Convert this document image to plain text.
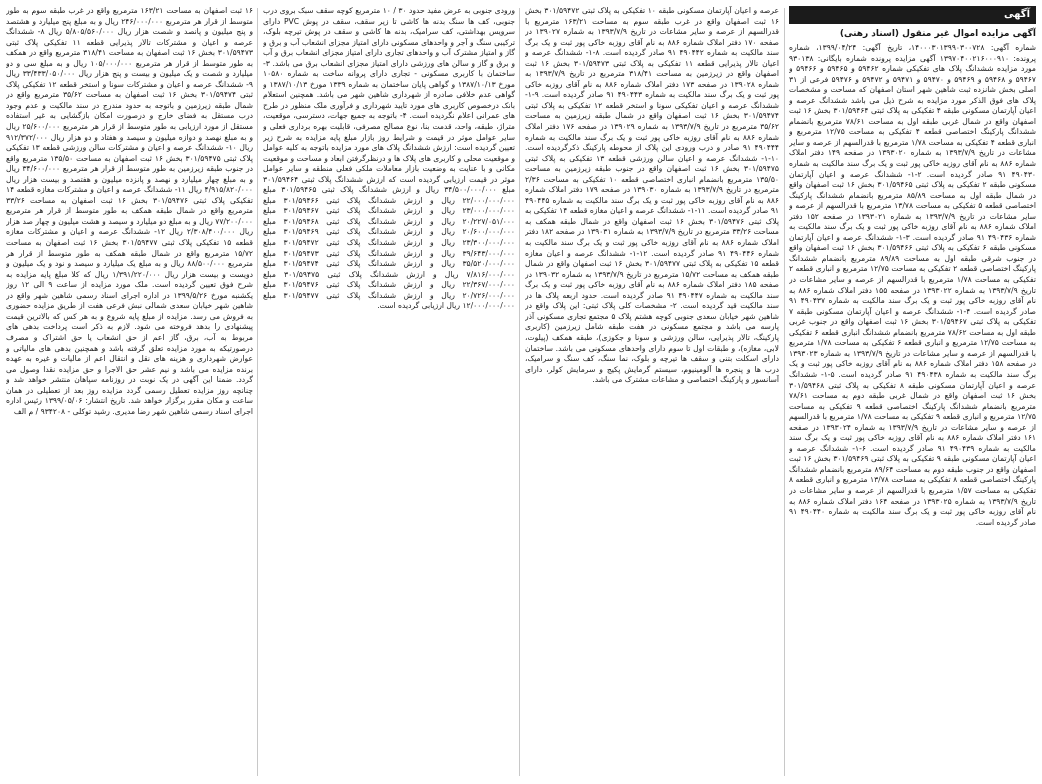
آگهی
آگهی مزایده اموال غیر منقول (اسناد رهنی)

شماره آگهی: ۱۴۰۰۰۳۰۱۳۹۹۰۳۰۰۷۲۸، تاریخ آگهی: ۱۳۹۹/۰۴/۲۴، شماره پرونده: ۱۳۹۷۰۴۰۰۲۱۶۰۰۰۹۱۰ آگهی مزایده پرونده شماره بایگانی: ۹۳۰۱۳۸ مورد مزایده ششدانگ پلاک های تفکیکی شماره ۵۹۴۶۲ و ۵۹۴۶۵ و ۵۹۴۶۶ و ۵۹۴۶۷ و ۵۹۴۶۸ و ۵۹۴۶۹ و ۵۹۴۷۰ و ۵۹۴۷۱ و ۵۹۴۷۲ و ۵۹۴۷۶ فرعی از ۳۱ اصلی بخش شانزده ثبت شاهین شهر استان اصفهان که مساحت و مشخصات پلاک های فوق الذکر مورد مزایده به شرح ذیل می باشد ششدانگ عرصه و اعیان آپارتمان مسکونی طبقه ۴ تفکیکی به پلاک ثبتی ۳۰۱/۵۹۴۶۴ بخش ۱۶ ثبت اصفهان واقع در شمال غربی طبقه اول به مساحت ۷۸/۶۱ مترمربع بانضمام ششدانگ پارکینگ اختصاصی قطعه ۴ تفکیکی به مساحت ۱۲/۷۵ مترمربع و انباری قطعه ۴ تفکیکی به مساحت ۱/۷۸ مترمربع با قدرالسهم از عرصه و سایر مشاعات در تاریخ ۱۳۹۳/۷/۹ به شماره ۱۳۹۳۰۲۰ در صفحه ۱۴۹ دفتر املاک شماره ۸۸۶ به نام آقای روزبه خاکی پور ثبت و یک برگ سند مالکیت به شماره ۴۹۰۴۳۰ ۹۱ صادر گردیده است. ۲-۱- ششدانگ عرصه و اعیان آپارتمان مسکونی طبقه ۲ تفکیکی به پلاک ثبتی ۳۰۱/۵۹۴۶۵ بخش ۱۶ ثبت اصفهان واقع در شمال طبقه اول به مساحت ۸۵/۸۹ مترمربع بانضمام ششدانگ پارکینگ اختصاصی قطعه ۵ تفکیکی به مساحت ۱۳/۷۸ مترمربع با قدرالسهم از عرصه و سایر مشاعات در تاریخ ۱۳۹۳/۷/۹ به شماره ۱۳۹۳۰۲۱ در صفحه ۱۵۲ دفتر املاک شماره ۸۸۶ به نام آقای روزبه خاکی پور ثبت و یک برگ سند مالکیت به شماره ۴۹۰۴۳۶ ۹۱ صادر گردیده است. ۳-۱- ششدانگ عرصه و اعیان آپارتمان مسکونی طبقه ۶ تفکیکی به پلاک ثبتی ۳۰۱/۵۹۴۶۶ بخش ۱۶ ثبت اصفهان واقع در جنوب شرقی طبقه اول به مساحت ۸۹/۸۹ مترمربع بانضمام ششدانگ پارکینگ اختصاصی قطعه ۲ تفکیکی به مساحت ۱۲/۷۵ مترمربع و انباری قطعه ۲ تفکیکی به مساحت ۱/۷۸ مترمربع با قدرالسهم از عرصه و سایر مشاعات در تاریخ ۱۳۹۳/۷/۹ به شماره ۱۳۹۳۰۲۲ در صفحه ۱۵۵ دفتر املاک شماره ۸۸۶ به نام آقای روزبه خاکی پور ثبت و یک برگ سند مالکیت به شماره ۴۹۰۴۳۷ ۹۱ صادر گردیده است. ۴-۱- ششدانگ عرصه و اعیان آپارتمان مسکونی طبقه ۷ تفکیکی به پلاک ثبتی ۳۰۱/۵۹۴۶۷ بخش ۱۶ ثبت اصفهان واقع در جنوب غربی طبقه اول به مساحت ۷۸/۶۲ مترمربع بانضمام ششدانگ انباری قطعه ۶ تفکیکی به مساحت ۱۲/۷۵ مترمربع و انباری قطعه ۶ تفکیکی به مساحت ۱/۷۸ مترمربع با قدرالسهم از عرصه و سایر مشاعات در تاریخ ۱۳۹۳/۷/۹ به شماره ۱۳۹۳۰۲۳ در صفحه ۱۵۸ دفتر املاک شماره ۸۸۶ به نام آقای روزبه خاکی پور ثبت و یک برگ سند مالکیت به شماره ۴۹۰۴۳۸ ۹۱ صادر گردیده است. ۵-۱- ششدانگ عرصه و اعیان آپارتمان مسکونی طبقه ۸ تفکیکی به پلاک ثبتی ۳۰۱/۵۹۴۶۸ بخش ۱۶ ثبت اصفهان واقع در شمال غربی طبقه دوم به مساحت ۷۸/۶۱ مترمربع بانضمام ششدانگ پارکینگ اختصاصی قطعه ۹ تفکیکی به مساحت ۱۲/۷۵ مترمربع و انباری قطعه ۹ تفکیکی به مساحت ۱/۷۸ مترمربع با قدرالسهم از عرصه و سایر مشاعات در تاریخ ۱۳۹۳/۷/۹ به شماره ۱۳۹۳۰۲۴ در صفحه ۱۶۱ دفتر املاک شماره ۸۸۶ به نام آقای روزبه خاکی پور ثبت و یک برگ سند مالکیت به شماره ۴۹۰۴۳۹ ۹۱ صادر گردیده است. ۶-۱- ششدانگ عرصه و اعیان آپارتمان مسکونی طبقه ۹ تفکیکی به پلاک ثبتی ۳۰۱/۵۹۴۶۹ بخش ۱۶ ثبت اصفهان واقع در جنوب طبقه دوم به مساحت ۸۹/۶۴ مترمربع بانضمام ششدانگ پارکینگ اختصاصی قطعه ۸ تفکیکی به مساحت ۱۳/۷۸ مترمربع و انباری قطعه ۸ تفکیکی به مساحت ۱/۵۷ مترمربع با قدرالسهم از عرصه و سایر مشاعات در تاریخ ۱۳۹۳/۷/۹ به شماره ۱۳۹۳۰۲۵ در صفحه ۱۶۴ دفتر املاک شماره ۸۸۶ به نام آقای روزبه خاکی پور ثبت و یک برگ سند مالکیت به شماره ۴۹۰۴۴۰ ۹۱ صادر گردیده است.

عرصه و اعیان آپارتمان مسکونی طبقه ۱۰ تفکیکی به پلاک ثبتی ۳۰۱/۵۹۴۷۲ بخش ۱۶ ثبت اصفهان واقع در غرب طبقه سوم به مساحت ۱۶۳/۲۱ مترمربع با قدرالسهم از عرصه و سایر مشاعات در تاریخ ۱۳۹۳/۷/۹ به شماره ۱۳۹۰۲۷ در صفحه ۱۷۰ دفتر املاک شماره ۸۸۶ به نام آقای روزبه خاکی پور ثبت و یک برگ سند مالکیت به شماره ۴۹۰۴۴۲ ۹۱ صادر گردیده است. ۸-۱- ششدانگ عرصه و اعیان تالار پذیرایی قطعه ۱۱ تفکیکی به پلاک ثبتی ۳۰۱/۵۹۴۷۳ بخش ۱۶ ثبت اصفهان واقع در زیرزمین به مساحت ۳۱۸/۴۱ مترمربع در تاریخ ۱۳۹۳/۷/۹ به شماره ۱۳۹۰۲۸ در صفحه ۱۷۳ دفتر املاک شماره ۸۸۶ به نام آقای روزبه خاکی پور ثبت و یک برگ سند مالکیت به شماره ۴۹۰۴۴۳ ۹۱ صادر گردیده است. ۹-۱- ششدانگ عرصه و اعیان تفکیکی سونا و استخر قطعه ۱۲ تفکیکی به پلاک ثبتی ۳۰۱/۵۹۴۷۴ بخش ۱۶ ثبت اصفهان واقع در شمال طبقه زیرزمین به مساحت ۳۵/۶۲ مترمربع در تاریخ ۱۳۹۳/۷/۹ به شماره ۱۳۹۰۲۹ در صفحه ۱۷۶ دفتر املاک شماره ۸۸۶ به نام آقای روزبه خاکی پور ثبت و یک برگ سند مالکیت به شماره ۴۹۰۴۴۴ ۹۱ صادر و درب ورودی این پلاک از محوطه پارکینگ ذکرگردیده است. ۱۰-۱- ششدانگ عرصه و اعیان سالن ورزشی قطعه ۱۳ تفکیکی به پلاک ثبتی ۳۰۱/۵۹۴۷۵ بخش ۱۶ ثبت اصفهان واقع در جنوب طبقه زیرزمین به مساحت ۱۳۵/۵۰ مترمربع بانضمام انباری اختصاصی قطعه ۱۰ تفکیکی به مساحت ۲/۳۶ مترمربع در تاریخ ۱۳۹۳/۷/۹ به شماره ۱۳۹۰۳۰ در صفحه ۱۷۹ دفتر املاک شماره ۸۸۶ به نام آقای روزبه خاکی پور ثبت و یک برگ سند مالکیت به شماره ۴۹۰۴۴۵ ۹۱ صادر گردیده است. ۱۱-۱- ششدانگ عرصه و اعیان مغازه قطعه ۱۴ تفکیکی به پلاک ثبتی ۳۰۱/۵۹۴۷۶ بخش ۱۶ ثبت اصفهان واقع در شمال طبقه همکف به مساحت ۳۳/۲۶ مترمربع در تاریخ ۱۳۹۳/۷/۹ به شماره ۱۳۹۰۳۱ در صفحه ۱۸۲ دفتر املاک شماره ۸۸۶ به نام آقای روزبه خاکی پور ثبت و یک برگ سند مالکیت به شماره ۴۹۰۴۴۶ ۹۱ صادر گردیده است. ۱۲-۱- ششدانگ عرصه و اعیان مغازه قطعه ۱۵ تفکیکی به پلاک ثبتی ۳۰۱/۵۹۴۷۷ بخش ۱۶ ثبت اصفهان واقع در شمال طبقه همکف به مساحت ۱۵/۷۲ مترمربع در تاریخ ۱۳۹۳/۷/۹ به شماره ۱۳۹۰۳۲ در صفحه ۱۸۵ دفتر املاک شماره ۸۸۶ به نام آقای روزبه خاکی پور ثبت و یک برگ سند مالکیت به شماره ۴۹۰۴۴۷ ۹۱ صادر گردیده است. حدود اربعه پلاک ها در سند مالکیت قید گردیده است. ۲- مشخصات کلی پلاک ثبتی: این پلاک واقع در شاهین شهر خیابان سعدی جنوبی کوچه هشتم پلاک ۵ مجتمع تجاری مسکونی آذر پارسه می باشد و مجتمع مسکونی در هفت طبقه شامل زیرزمین (کاربری پارکینگ، تالار پذیرایی، سالن ورزشی و سونا و جکوزی)، طبقه همکف (پیلوت، لابی، مغازه)، و طبقات اول تا سوم دارای واحدهای مسکونی می باشد. ساختمان دارای اسکلت بتنی و سقف ها تیرچه و بلوک، نما سنگ، کف سنگ و سرامیک، درب ها و پنجره ها آلومینیوم، سیستم گرمایش پکیج و سرمایش کولر، دارای آسانسور و پارکینگ اختصاصی و مشاعات مشترک می باشد.

ورودی جنوبی به عرض مفید حدود ۳۰ / ۱۰ مترمربع کوچه سقف سبک بروی درب جنوبی، کف ها سنگ بدنه ها کاشی تا زیر سقف، سقف در پوش PVC دارای سرویس بهداشتی، کف سرامیک، بدنه ها کاشی و سقف در پوش تیرچه بلوک، ترکیبی سنگ و آجر و واحدهای مسکونی دارای امتیاز مجزای انشعاب آب و برق و گاز و امتیاز مشترک آب و واحدهای تجاری دارای امتیاز مجزای انشعاب برق و آب و برق و گاز و سالن های ورزشی دارای امتیاز مجزای انشعاب برق می باشد. ۳- ساختمان با کاربری مسکونی - تجاری دارای پروانه ساخت به شماره ۱۰۵۸۰ مورخ ۱۳۸۷/۱۰/۱۳ و گواهی پایان ساختمان به شماره ۱۳۳۹ مورخ ۱۳۸۷/۱۰/۱۳ و گواهی عدم خلافی صادره از شهرداری شاهین شهر می باشد. همچنین استعلام بانک درخصوص کاربری های مورد تایید شهرداری و فرآوری ملک منظور در طرح های عمرانی اعلام نگردیده است. ۴- باتوجه به جمیع جهات، دسترسی، موقعیت، متراژ، طبقه، واحد، قدمت بنا، نوع مصالح مصرفی، قابلیت بهره برداری فعلی و سایر عوامل موثر در قیمت و شرایط روز بازار مبلغ پایه مزایده به شرح زیر تعیین گردیده است: ارزش ششدانگ پلاک های مورد مزایده باتوجه به کلیه عوامل و موقعیت محلی و کاربری های پلاک ها و درنظرگرفتن ابعاد و مساحت و موقعیت مکانی و با عنایت به وضعیت بازار معاملات ملکی فعلی منطقه و سایر عوامل موثر در قیمت ارزیابی گردیده است که ارزش ششدانگ پلاک ثبتی ۳۰۱/۵۹۴۶۴ مبلغ ۳۴/۵۰۰/۰۰۰/۰۰۰ ریال و ارزش ششدانگ پلاک ثبتی ۳۰۱/۵۹۴۶۵ مبلغ ۲۲/۰۰۰/۰۰۰/۰۰۰ ریال و ارزش ششدانگ پلاک ثبتی ۳۰۱/۵۹۴۶۶ مبلغ ۲۳/۰۰۰/۰۰۰/۰۰۰ ریال و ارزش ششدانگ پلاک ثبتی ۳۰۱/۵۹۴۶۷ مبلغ ۲۰/۲۲۷/۰۵۱/۰۰۰ ریال و ارزش ششدانگ پلاک ثبتی ۳۰۱/۵۹۴۶۸ مبلغ ۲۰/۶۰۰/۰۰۰/۰۰۰ ریال و ارزش ششدانگ پلاک ثبتی ۳۰۱/۵۹۴۶۹ مبلغ ۲۳/۳۰۰/۰۰۰/۰۰۰ ریال و ارزش ششدانگ پلاک ثبتی ۳۰۱/۵۹۴۷۲ مبلغ ۳۹/۶۴۳/۰۰۰/۰۰۰ ریال و ارزش ششدانگ پلاک ثبتی ۳۰۱/۵۹۴۷۳ مبلغ ۳۵/۵۲۰/۰۰۰/۰۰۰ ریال و ارزش ششدانگ پلاک ثبتی ۳۰۱/۵۹۴۷۴ مبلغ ۷/۸۱۶/۰۰۰/۰۰۰ ریال و ارزش ششدانگ پلاک ثبتی ۳۰۱/۵۹۴۷۵ مبلغ ۲۲/۳۶۷/۰۰۰/۰۰۰ ریال و ارزش ششدانگ پلاک ثبتی ۳۰۱/۵۹۴۷۶ مبلغ ۲۰/۷۲۶/۰۰۰/۰۰۰ ریال و ارزش ششدانگ پلاک ثبتی ۳۰۱/۵۹۴۷۷ مبلغ ۱۲/۰۰۰/۰۰۰/۰۰۰ ریال ارزیابی گردیده است.

۱۶ ثبت اصفهان به مساحت ۱۶۳/۲۱ مترمربع واقع در غرب طبقه سوم به طور متوسط از قرار هر مترمربع ۲۴۶/۰۰۰/۰۰۰ ریال و به مبلغ پنج میلیارد و هشتصد و پنج میلیون و پانصد و شصت هزار ریال ۵/۸۰۵/۵۶۰/۰۰۰ ریال ۸- ششدانگ عرصه و اعیان و مشترکات تالار پذیرایی قطعه ۱۱ تفکیکی پلاک ثبتی ۳۰۱/۵۹۴۷۳ بخش ۱۶ ثبت اصفهان به مساحت ۳۱۸/۴۱ مترمربع واقع در همکف به طور متوسط از قرار هر مترمربع ۱۰۵/۰۰۰/۰۰۰ ریال و به مبلغ سی و دو میلیارد و شصت و یک میلیون و بیست و پنج هزار ریال ۳۳/۴۳۳/۰۵۰/۰۰۰ ریال ۹- ششدانگ عرصه و اعیان و مشترکات سونا و استخر قطعه ۱۲ تفکیکی پلاک ثبتی ۳۰۱/۵۹۴۷۴ بخش ۱۶ ثبت اصفهان به مساحت ۳۵/۶۲ مترمربع واقع در شمال طبقه زیرزمین و باتوجه به حدود مندرج در سند مالکیت و عدم وجود درب مستقل به فضای خارج و درصورت امکان بازگشایی به غیر استفاده مستقل از مورد ارزیابی به طور متوسط از قرار هر مترمربع ۲۵/۶۰۰/۰۰۰ ریال و به مبلغ نهصد و دوازه میلیون و سیصد و هفتاد و دو هزار ریال ۹۱۲/۳۷۲/۰۰۰ ریال ۱۰- ششدانگ عرصه و اعیان و مشترکات سالن ورزشی قطعه ۱۳ تفکیکی پلاک ثبتی ۳۰۱/۵۹۴۷۵ بخش ۱۶ ثبت اصفهان به مساحت ۱۳۵/۵۰ مترمربع واقع در جنوب طبقه زیرزمین به طور متوسط از قرار هر مترمربع ۳۴/۶۰۰/۰۰۰ ریال و به مبلغ چهار میلیارد و نهصد و پانزده میلیون و هفتصد و بیست هزار ریال ۴/۹۱۵/۸۲۰/۰۰۰ ریال ۱۱- ششدانگ عرصه و اعیان و مشترکات مغازه قطعه ۱۴ تفکیکی پلاک ثبتی ۳۰۱/۵۹۴۷۶ بخش ۱۶ ثبت اصفهان به مساحت ۳۳/۲۶ مترمربع واقع در شمال طبقه همکف به طور متوسط از قرار هر مترمربع ۷۷/۲۰۰/۰۰۰ ریال و به مبلغ دو میلیارد و سیصد و هشت میلیون و چهار صد هزار ریال ۲/۳۰۸/۴۰۰/۰۰۰ ریال ۱۲- ششدانگ عرصه و اعیان و مشترکات مغازه قطعه ۱۵ تفکیکی پلاک ثبتی ۳۰۱/۵۹۴۷۷ بخش ۱۶ ثبت اصفهان به مساحت ۱۵/۷۲ مترمربع واقع در شمال طبقه همکف به طور متوسط از قرار هر مترمربع ۸۸/۵۰۰/۰۰۰ ریال و به مبلغ یک میلیارد و سیصد و نود و یک میلیون و دویست و بیست هزار ریال ۱/۳۹۱/۲۲۰/۰۰۰ ریال که کلا مبلغ پایه مزایده به شرح فوق تعیین گردیده است. ملک مورد مزایده از ساعت ۹ الی ۱۲ روز یکشنبه مورخ ۱۳۹۹/۵/۲۶ در اداره اجرای اسناد رسمی شاهین شهر واقع در شاهین شهر خیابان سعدی شمالی نبش فرعی هفت از طریق مزایده حضوری به فروش می رسد. مزایده از مبلغ پایه شروع و به هر کس که بالاترین قیمت پیشنهادی را بدهد فروخته می شود. لازم به ذکر است پرداخت بدهی های مربوط به آب، برق، گاز اعم از حق انشعاب یا حق اشتراک و مصرف درصورتیکه به مورد مزایده تعلق گرفته باشد و همچنین بدهی های مالیاتی و عوارض شهرداری و هزینه های نقل و انتقال اعم از مالیات و غیره به عهده برنده مزایده می باشد و نیم عشر حق الاجرا و حق مزایده نقدا وصول می گردد. ضمنا این آگهی در یک نوبت در روزنامه سپاهان منتشر خواهد شد و چنانچه روز مزایده تعطیل رسمی گردد مزایده روز بعد از تعطیلی در همان ساعت و مکان مقرر برگزار خواهد شد. تاریخ انتشار: ۱۳۹۹/۰۵/۰۶ رئیس اداره اجرای اسناد رسمی شاهین شهر رضا مدیری. رشید توکلی - ۹۳۴۲۰۸ / م الف
